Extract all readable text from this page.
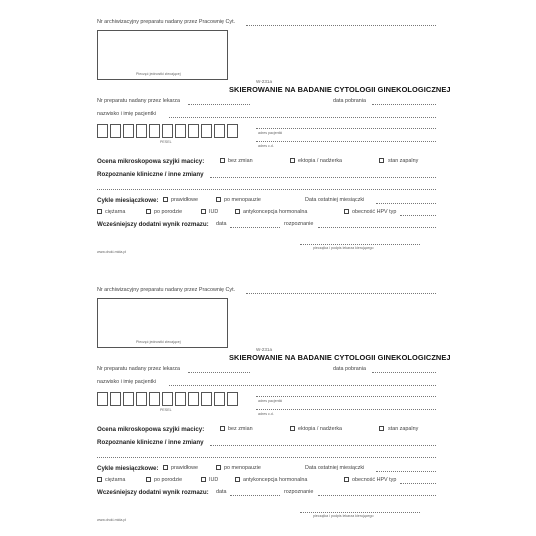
Nr archiwizacyjny preparatu nadany przez Pracownię Cyt.
Pieczęć jednostki zlecającej
W-231a
SKIEROWANIE NA BADANIE CYTOLOGII GINEKOLOGICZNEJ
Nr preparatu nadany przez lekarza	data pobrania
nazwisko i imię pacjentki
PESEL
adres pacjentki
adres c.d.
Ocena mikroskopowa szyjki macicy:	bez zmian	ektopia / nadżerka	stan zapalny
Rozpoznanie kliniczne / inne zmiany
Cykle miesiączkowe: prawidłowe	po menopauzie	Data ostatniej miesiączki
ciężarna	po porodzie	IUD	antykoncepcja hormonalna	obecność HPV typ
Wcześniejszy dodatni wynik rozmazu: data	rozpoznanie
pieczątka i podpis lekarza kierującego
www.druki-mida.pl
Nr archiwizacyjny preparatu nadany przez Pracownię Cyt.
Pieczęć jednostki zlecającej
W-231a
SKIEROWANIE NA BADANIE CYTOLOGII GINEKOLOGICZNEJ
Nr preparatu nadany przez lekarza	data pobrania
nazwisko i imię pacjentki
PESEL
adres pacjentki
adres c.d.
Ocena mikroskopowa szyjki macicy:	bez zmian	ektopia / nadżerka	stan zapalny
Rozpoznanie kliniczne / inne zmiany
Cykle miesiączkowe: prawidłowe	po menopauzie	Data ostatniej miesiączki
ciężarna	po porodzie	IUD	antykoncepcja hormonalna	obecność HPV typ
Wcześniejszy dodatni wynik rozmazu: data	rozpoznanie
pieczątka i podpis lekarza kierującego
www.druki-mida.pl
